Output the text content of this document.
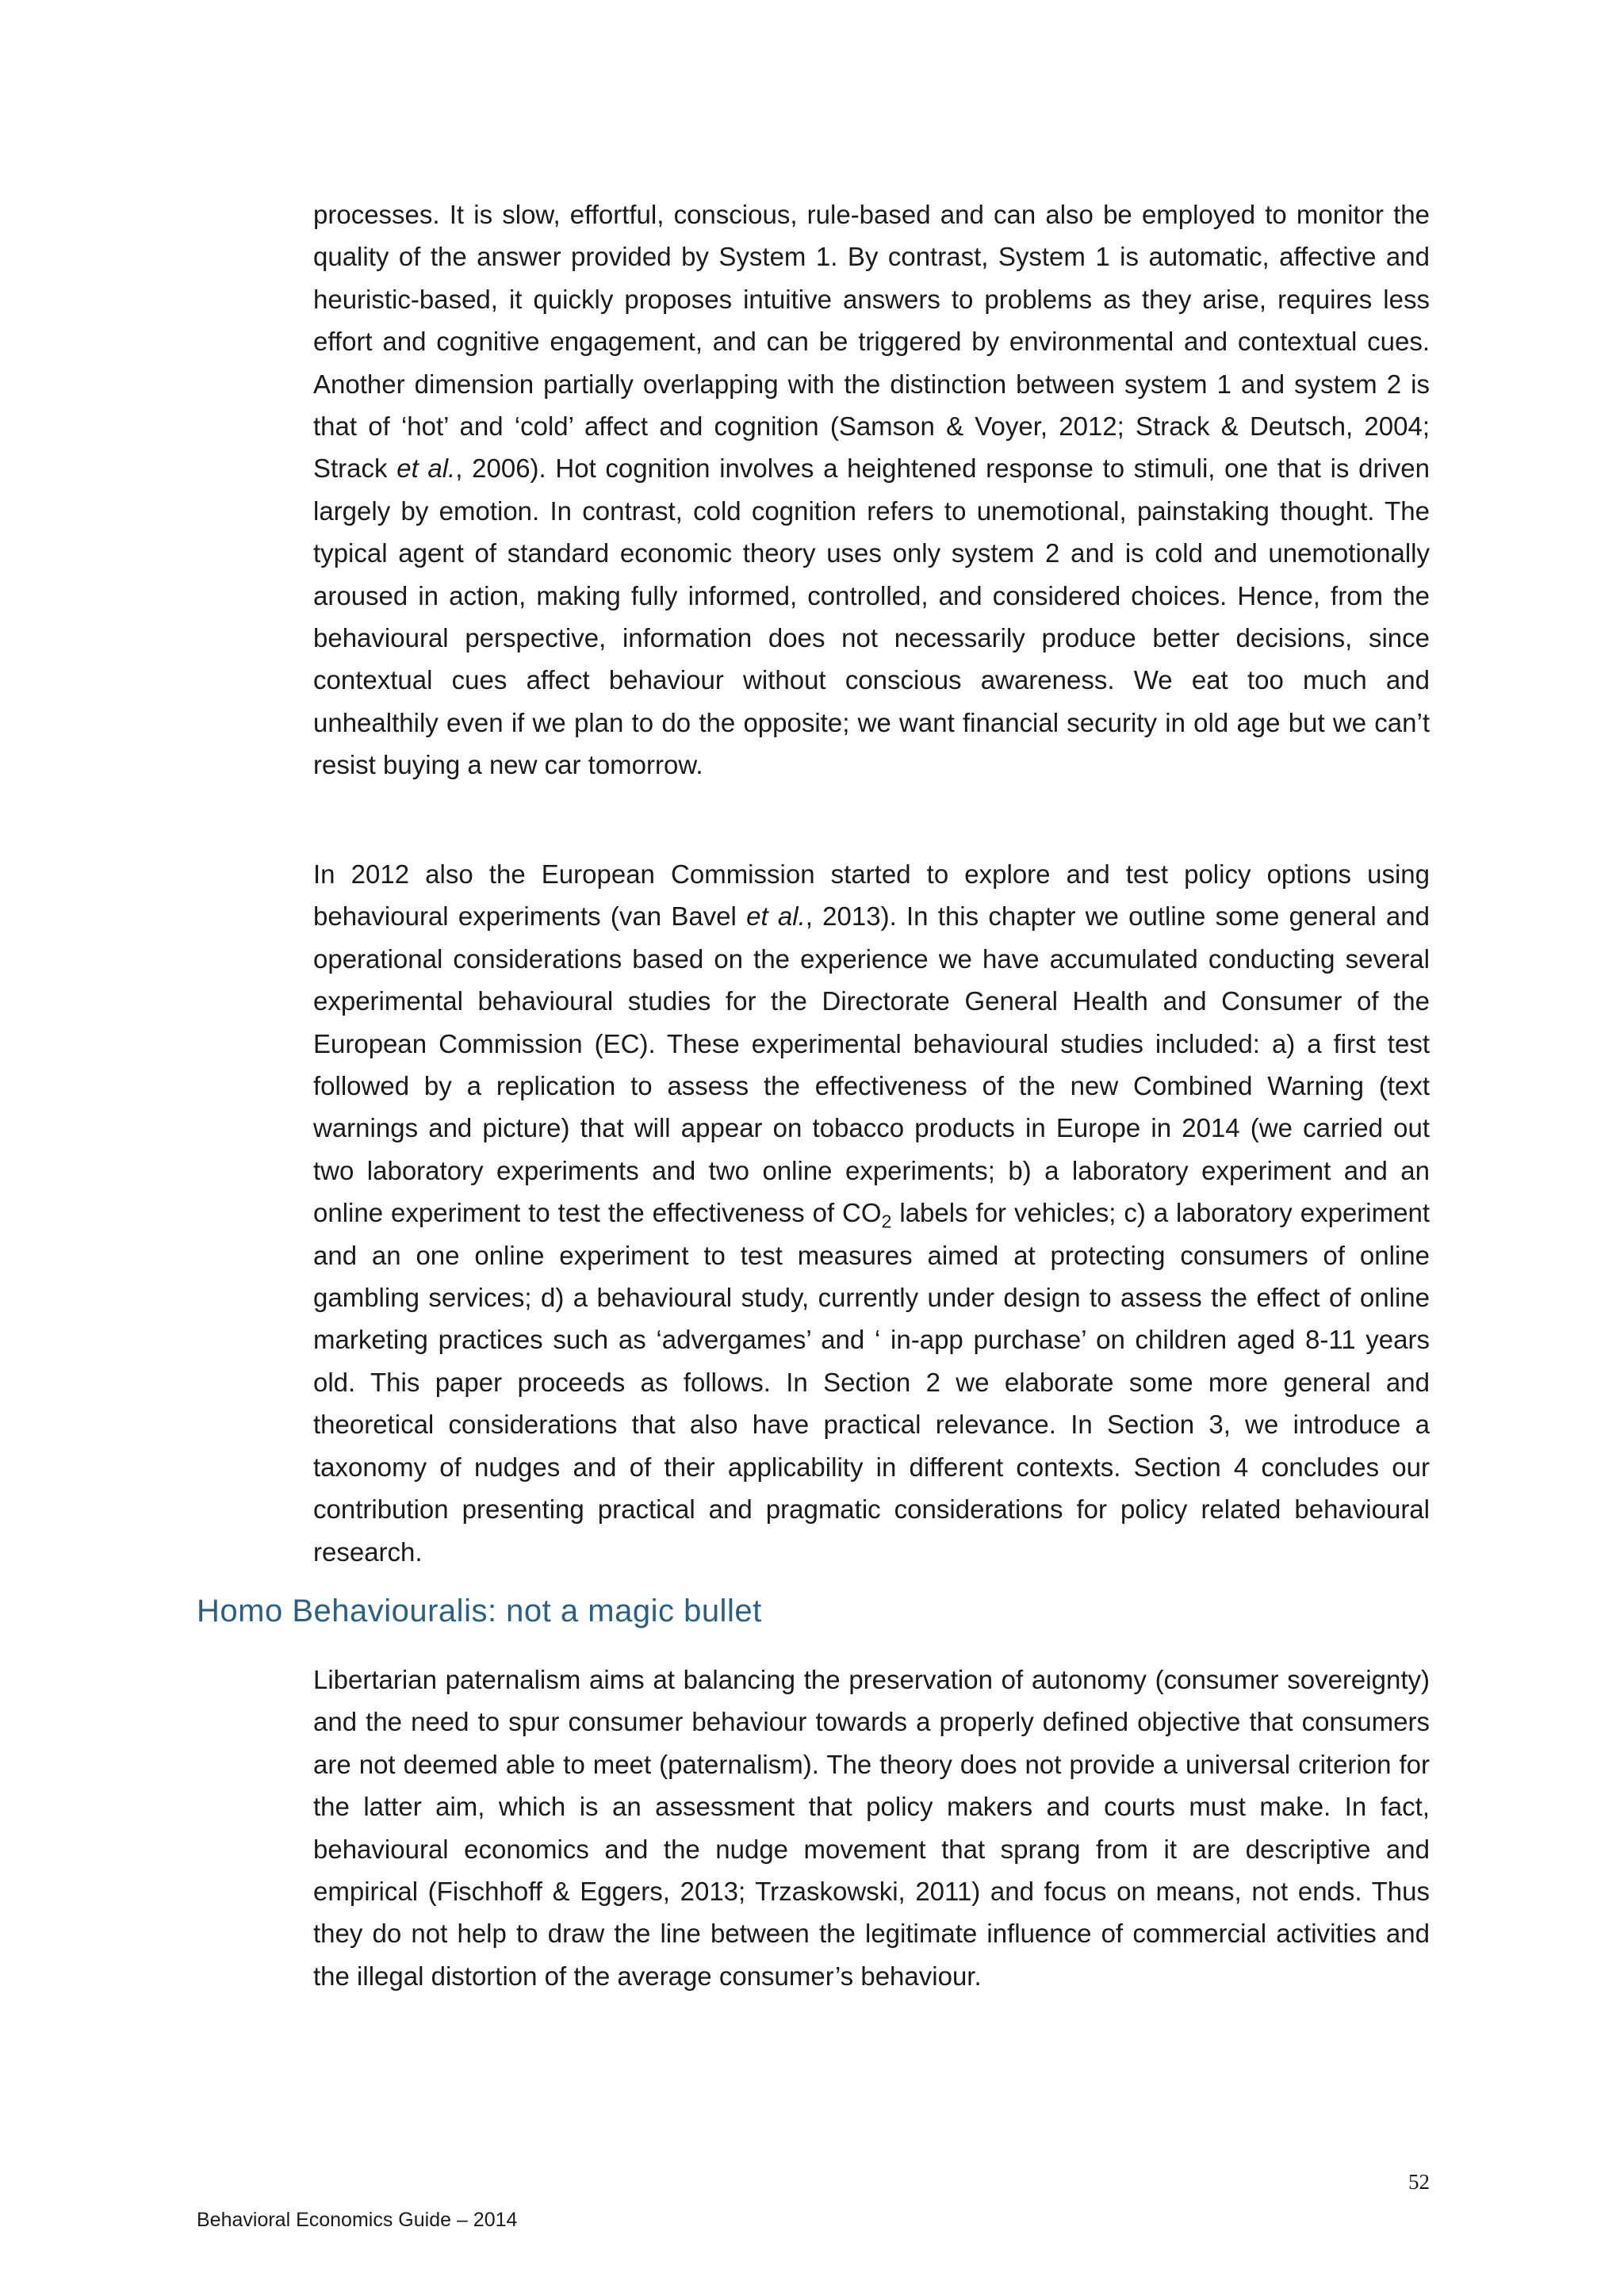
processes. It is slow, effortful, conscious, rule-based and can also be employed to monitor the quality of the answer provided by System 1. By contrast, System 1 is automatic, affective and heuristic-based, it quickly proposes intuitive answers to problems as they arise, requires less effort and cognitive engagement, and can be triggered by environmental and contextual cues. Another dimension partially overlapping with the distinction between system 1 and system 2 is that of ‘hot’ and ‘cold’ affect and cognition (Samson & Voyer, 2012; Strack & Deutsch, 2004; Strack et al., 2006). Hot cognition involves a heightened response to stimuli, one that is driven largely by emotion. In contrast, cold cognition refers to unemotional, painstaking thought. The typical agent of standard economic theory uses only system 2 and is cold and unemotionally aroused in action, making fully informed, controlled, and considered choices. Hence, from the behavioural perspective, information does not necessarily produce better decisions, since contextual cues affect behaviour without conscious awareness. We eat too much and unhealthily even if we plan to do the opposite; we want financial security in old age but we can’t resist buying a new car tomorrow.

In 2012 also the European Commission started to explore and test policy options using behavioural experiments (van Bavel et al., 2013). In this chapter we outline some general and operational considerations based on the experience we have accumulated conducting several experimental behavioural studies for the Directorate General Health and Consumer of the European Commission (EC). These experimental behavioural studies included: a) a first test followed by a replication to assess the effectiveness of the new Combined Warning (text warnings and picture) that will appear on tobacco products in Europe in 2014 (we carried out two laboratory experiments and two online experiments; b) a laboratory experiment and an online experiment to test the effectiveness of $CO_2$ labels for vehicles; c) a laboratory experiment and an one online experiment to test measures aimed at protecting consumers of online gambling services; d) a behavioural study, currently under design to assess the effect of online marketing practices such as ‘advergames’ and ‘ in-app purchase’ on children aged 8-11 years old. This paper proceeds as follows. In Section 2 we elaborate some more general and theoretical considerations that also have practical relevance. In Section 3, we introduce a taxonomy of nudges and of their applicability in different contexts. Section 4 concludes our contribution presenting practical and pragmatic considerations for policy related behavioural research.

Homo Behaviouralis: not a magic bullet

Libertarian paternalism aims at balancing the preservation of autonomy (consumer sovereignty) and the need to spur consumer behaviour towards a properly defined objective that consumers are not deemed able to meet (paternalism). The theory does not provide a universal criterion for the latter aim, which is an assessment that policy makers and courts must make. In fact, behavioural economics and the nudge movement that sprang from it are descriptive and empirical (Fischhoff & Eggers, 2013; Trzaskowski, 2011) and focus on means, not ends. Thus they do not help to draw the line between the legitimate influence of commercial activities and the illegal distortion of the average consumer’s behaviour.

52
Behavioral Economics Guide – 2014
